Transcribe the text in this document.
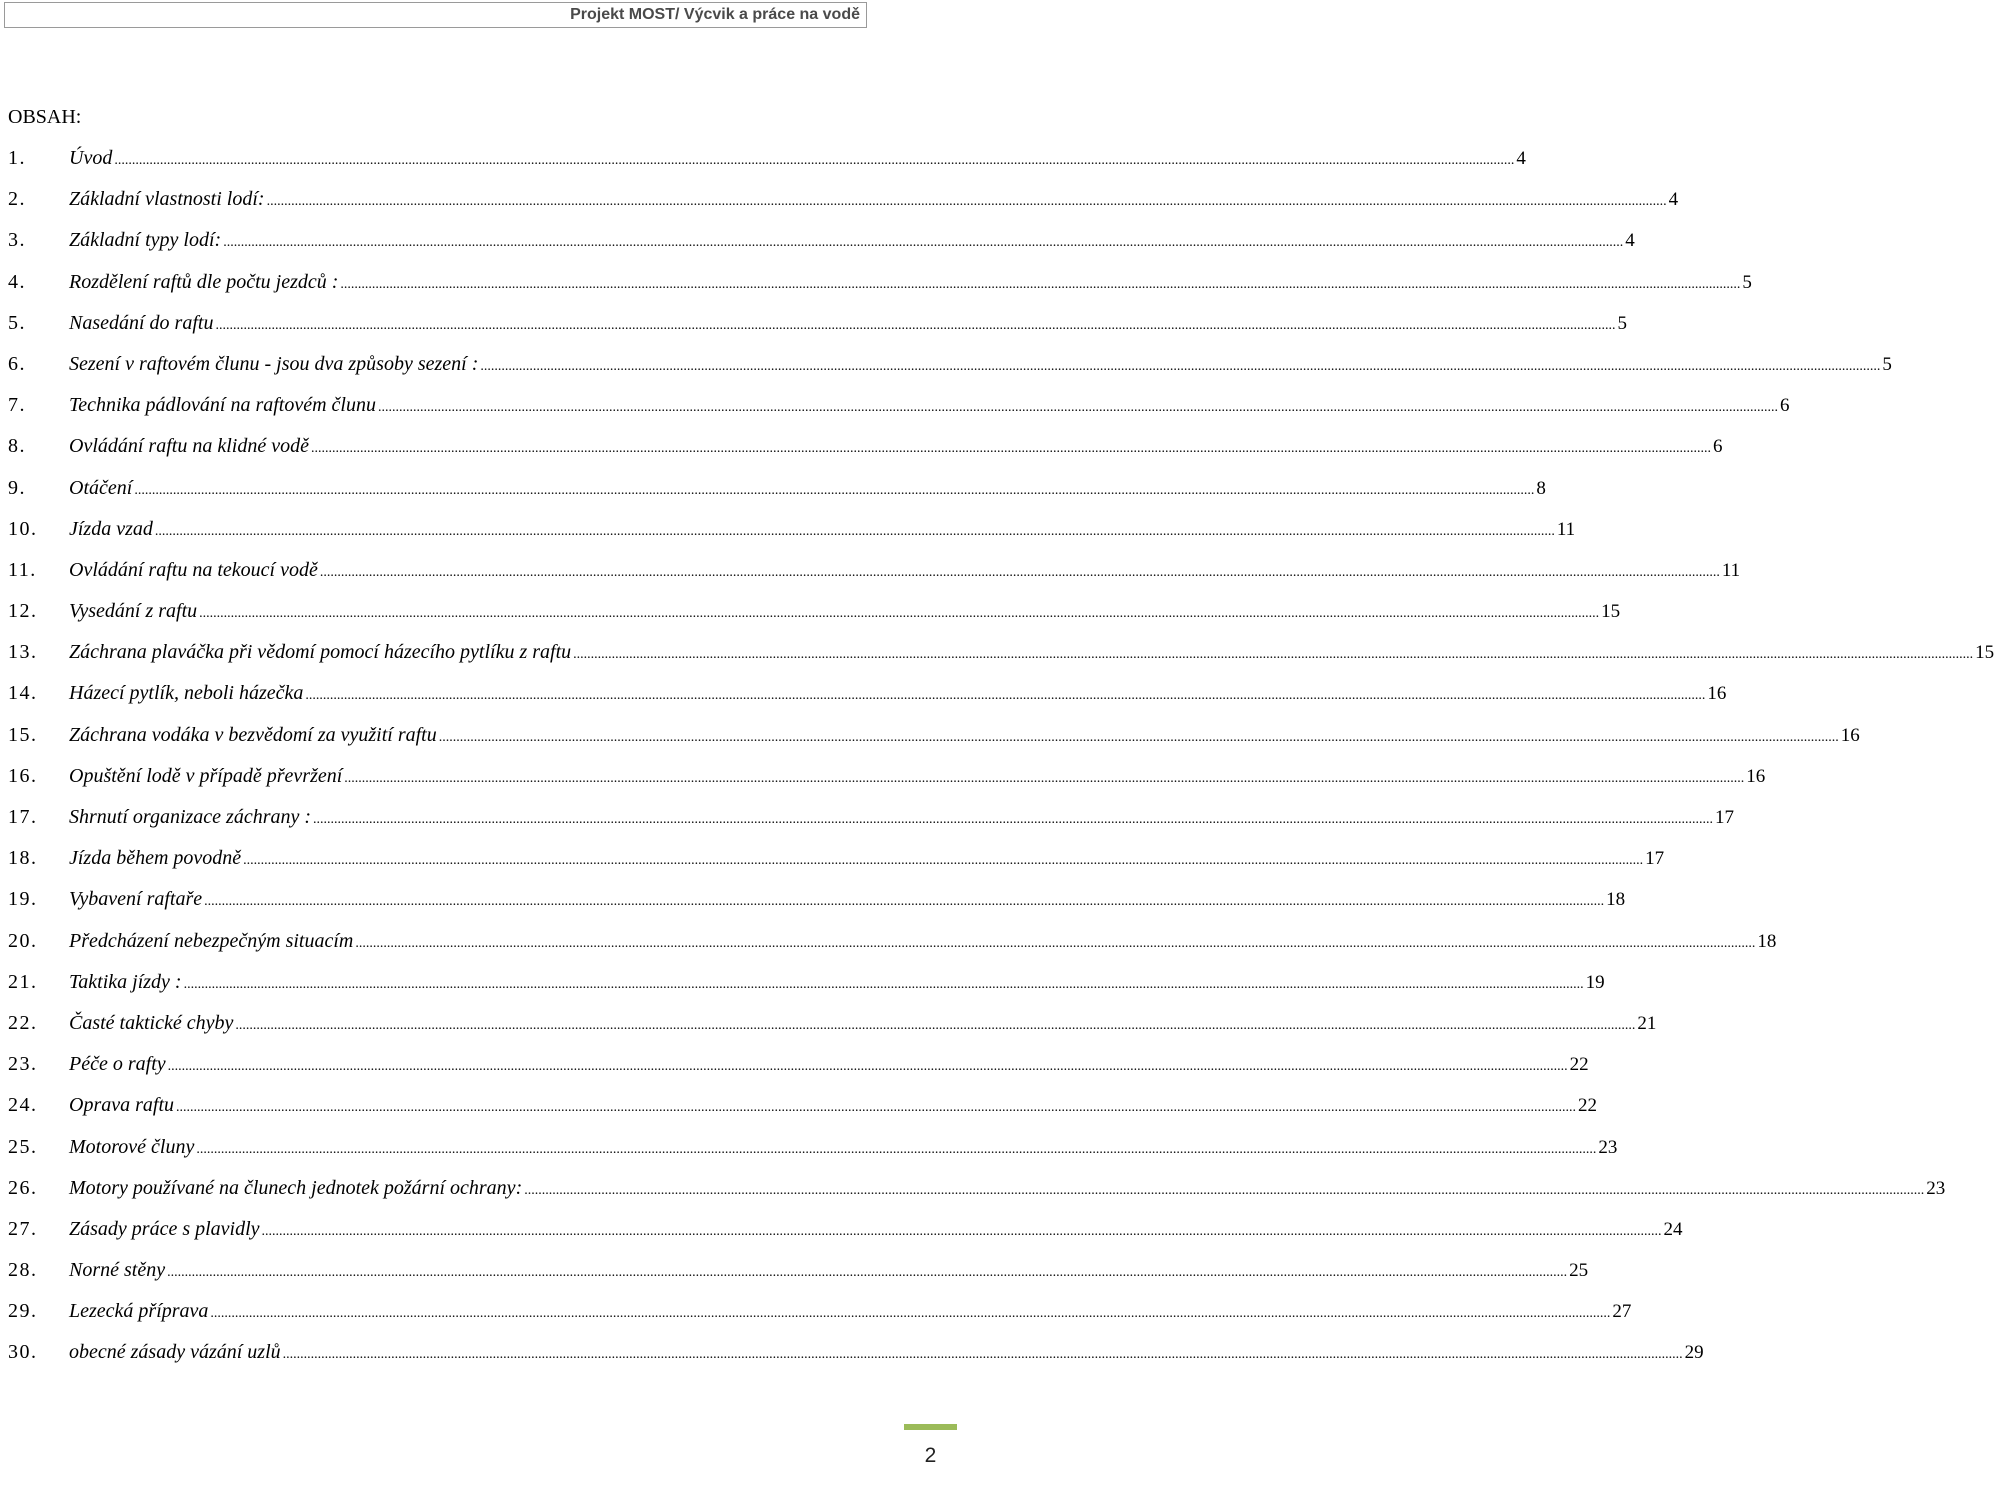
Projekt MOST/ Výcvik a práce na vodě
OBSAH:
1.	Úvod ................................................................................................................................................................................................................................................................................................................................................................................................................ 4
2.	Základní vlastnosti lodí: ................................................................................................................................................................................................................................................................................................................................................................................................................ 4
3.	Základní typy lodí: ................................................................................................................................................................................................................................................................................................................................................................................................................ 4
4.	Rozdělení raftů dle počtu jezdců : ................................................................................................................................................................................................................................................................................................................................................................................................................ 5
5.	Nasedání do raftu ................................................................................................................................................................................................................................................................................................................................................................................................................ 5
6.	Sezení v raftovém člunu - jsou dva způsoby sezení : ................................................................................................................................................................................................................................................................................................................................................................................................................ 5
7.	Technika pádlování na raftovém člunu ................................................................................................................................................................................................................................................................................................................................................................................................................ 6
8.	Ovládání raftu na klidné vodě ................................................................................................................................................................................................................................................................................................................................................................................................................ 6
9.	Otáčení ................................................................................................................................................................................................................................................................................................................................................................................................................ 8
10.	Jízda vzad ................................................................................................................................................................................................................................................................................................................................................................................................................ 11
11.	Ovládání raftu na tekoucí vodě ................................................................................................................................................................................................................................................................................................................................................................................................................ 11
12.	Vysedání z raftu ................................................................................................................................................................................................................................................................................................................................................................................................................ 15
13.	Záchrana plaváčka při vědomí pomocí házecího pytlíku z raftu ................................................................................................................................................................................................................................................................................................................................................................................................................ 15
14.	Házecí pytlík, neboli házečka ................................................................................................................................................................................................................................................................................................................................................................................................................ 16
15.	Záchrana vodáka v bezvědomí za využití raftu ................................................................................................................................................................................................................................................................................................................................................................................................................ 16
16.	Opuštění lodě v případě převržení ................................................................................................................................................................................................................................................................................................................................................................................................................ 16
17.	Shrnutí organizace záchrany : ................................................................................................................................................................................................................................................................................................................................................................................................................ 17
18.	Jízda během povodně ................................................................................................................................................................................................................................................................................................................................................................................................................ 17
19.	Vybavení raftaře ................................................................................................................................................................................................................................................................................................................................................................................................................ 18
20.	Předcházení nebezpečným situacím ................................................................................................................................................................................................................................................................................................................................................................................................................ 18
21.	Taktika jízdy : ................................................................................................................................................................................................................................................................................................................................................................................................................ 19
22.	Časté taktické chyby ................................................................................................................................................................................................................................................................................................................................................................................................................ 21
23.	Péče o rafty ................................................................................................................................................................................................................................................................................................................................................................................................................ 22
24.	Oprava raftu ................................................................................................................................................................................................................................................................................................................................................................................................................ 22
25.	Motorové čluny ................................................................................................................................................................................................................................................................................................................................................................................................................ 23
26.	Motory používané na člunech jednotek požární ochrany: ................................................................................................................................................................................................................................................................................................................................................................................................................ 23
27.	Zásady práce s plavidly ................................................................................................................................................................................................................................................................................................................................................................................................................ 24
28.	Norné stěny ................................................................................................................................................................................................................................................................................................................................................................................................................ 25
29.	Lezecká příprava ................................................................................................................................................................................................................................................................................................................................................................................................................ 27
30.	obecné zásady vázání uzlů ................................................................................................................................................................................................................................................................................................................................................................................................................ 29
2
